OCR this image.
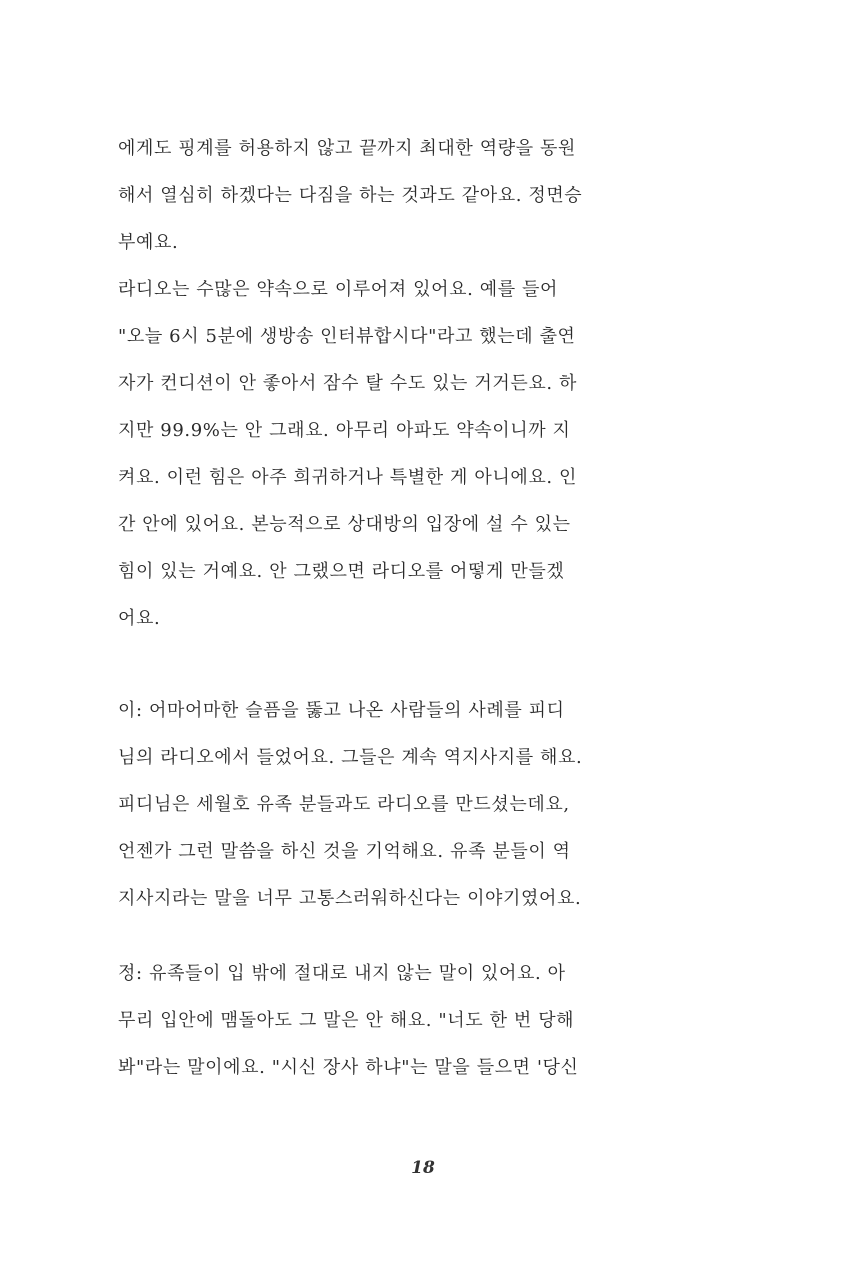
에게도 핑계를 허용하지 않고 끝까지 최대한 역량을 동원
해서 열심히 하겠다는 다짐을 하는 것과도 같아요. 정면승
부예요.
라디오는 수많은 약속으로 이루어져 있어요. 예를 들어
"오늘 6시 5분에 생방송 인터뷰합시다"라고 했는데 출연
자가 컨디션이 안 좋아서 잠수 탈 수도 있는 거거든요. 하
지만 99.9%는 안 그래요. 아무리 아파도 약속이니까 지
켜요. 이런 힘은 아주 희귀하거나 특별한 게 아니에요. 인
간 안에 있어요. 본능적으로 상대방의 입장에 설 수 있는
힘이 있는 거예요. 안 그랬으면 라디오를 어떻게 만들겠
어요.
이: 어마어마한 슬픔을 뚫고 나온 사람들의 사례를 피디
님의 라디오에서 들었어요. 그들은 계속 역지사지를 해요.
피디님은 세월호 유족 분들과도 라디오를 만드셨는데요,
언젠가 그런 말씀을 하신 것을 기억해요. 유족 분들이 역
지사지라는 말을 너무 고통스러워하신다는 이야기였어요.
정: 유족들이 입 밖에 절대로 내지 않는 말이 있어요. 아
무리 입안에 맴돌아도 그 말은 안 해요. "너도 한 번 당해
봐"라는 말이에요. "시신 장사 하냐"는 말을 들으면 '당신
18
